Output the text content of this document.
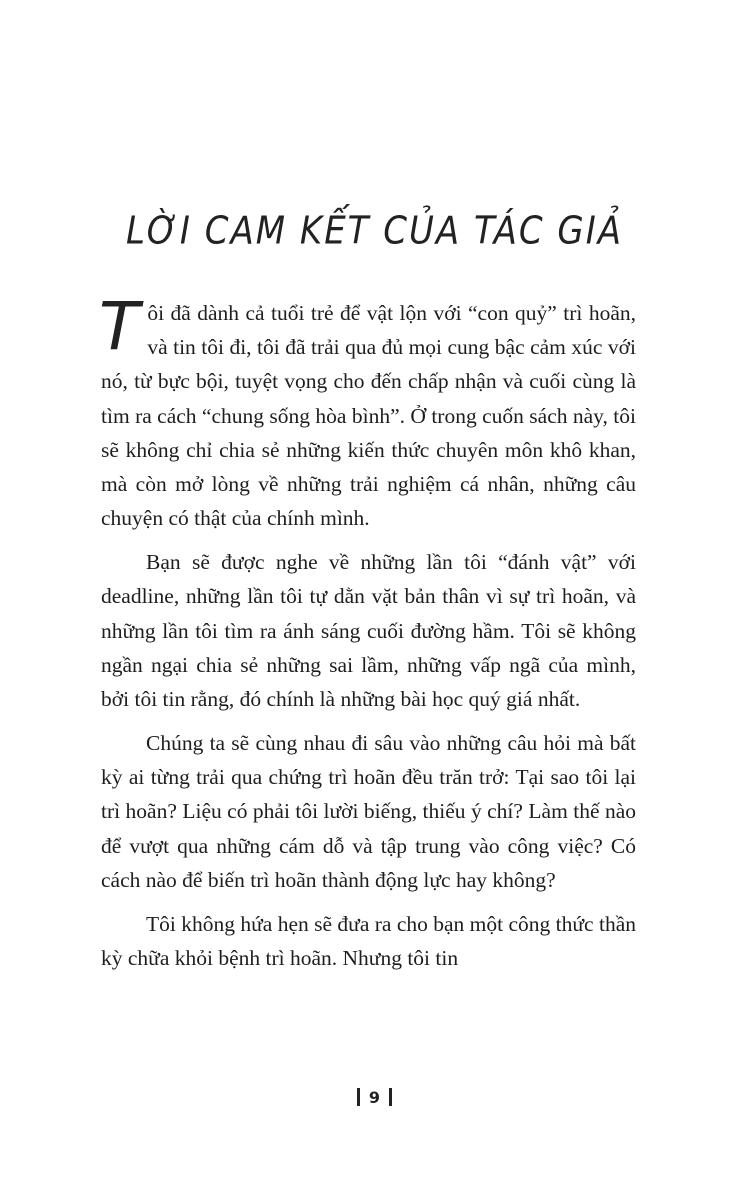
LỜI CAM KẾT CỦA TÁC GIẢ

Tôi đã dành cả tuổi trẻ để vật lộn với “con quỷ” trì hoãn, và tin tôi đi, tôi đã trải qua đủ mọi cung bậc cảm xúc với nó, từ bực bội, tuyệt vọng cho đến chấp nhận và cuối cùng là tìm ra cách “chung sống hòa bình”. Ở trong cuốn sách này, tôi sẽ không chỉ chia sẻ những kiến thức chuyên môn khô khan, mà còn mở lòng về những trải nghiệm cá nhân, những câu chuyện có thật của chính mình.

Bạn sẽ được nghe về những lần tôi “đánh vật” với deadline, những lần tôi tự dằn vặt bản thân vì sự trì hoãn, và những lần tôi tìm ra ánh sáng cuối đường hầm. Tôi sẽ không ngần ngại chia sẻ những sai lầm, những vấp ngã của mình, bởi tôi tin rằng, đó chính là những bài học quý giá nhất.

Chúng ta sẽ cùng nhau đi sâu vào những câu hỏi mà bất kỳ ai từng trải qua chứng trì hoãn đều trăn trở: Tại sao tôi lại trì hoãn? Liệu có phải tôi lười biếng, thiếu ý chí? Làm thế nào để vượt qua những cám dỗ và tập trung vào công việc? Có cách nào để biến trì hoãn thành động lực hay không?

Tôi không hứa hẹn sẽ đưa ra cho bạn một công thức thần kỳ chữa khỏi bệnh trì hoãn. Nhưng tôi tin

9
